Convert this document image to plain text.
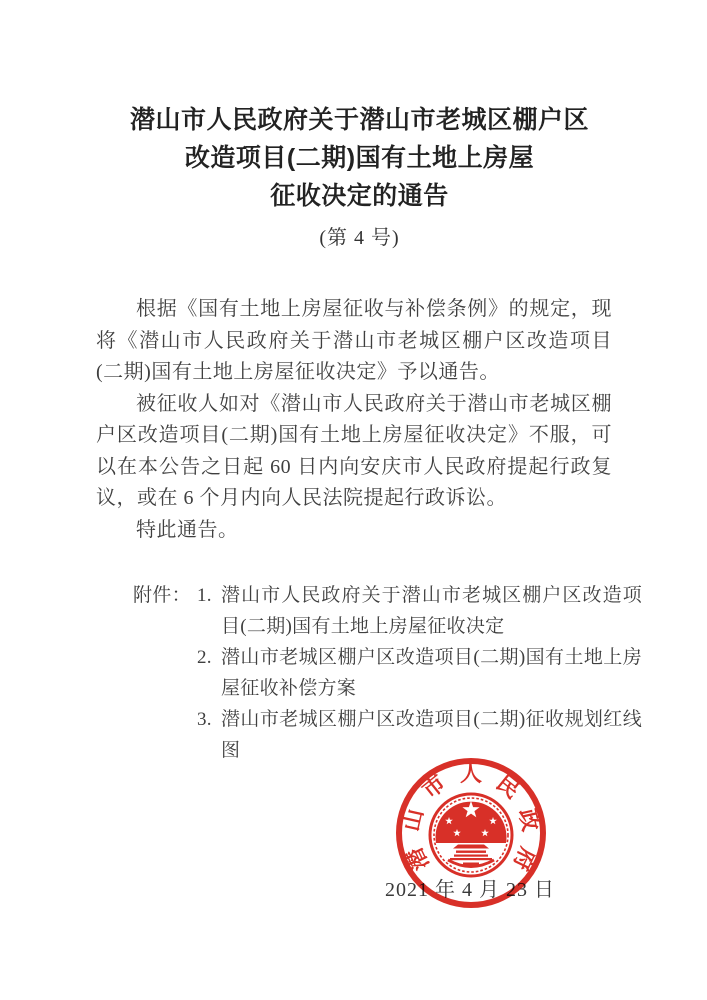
潜山市人民政府关于潜山市老城区棚户区
改造项目(二期)国有土地上房屋
征收决定的通告
(第 4 号)

根据《国有土地上房屋征收与补偿条例》的规定，现将《潜山市人民政府关于潜山市老城区棚户区改造项目(二期)国有土地上房屋征收决定》予以通告。

被征收人如对《潜山市人民政府关于潜山市老城区棚户区改造项目(二期)国有土地上房屋征收决定》不服，可以在本公告之日起 60 日内向安庆市人民政府提起行政复议，或在 6 个月内向人民法院提起行政诉讼。

特此通告。

附件： 1. 潜山市人民政府关于潜山市老城区棚户区改造项目(二期)国有土地上房屋征收决定
2. 潜山市老城区棚户区改造项目(二期)国有土地上房屋征收补偿方案
3. 潜山市老城区棚户区改造项目(二期)征收规划红线图
2021 年 4 月 23 日
潜
山
市 人 民
政
府
